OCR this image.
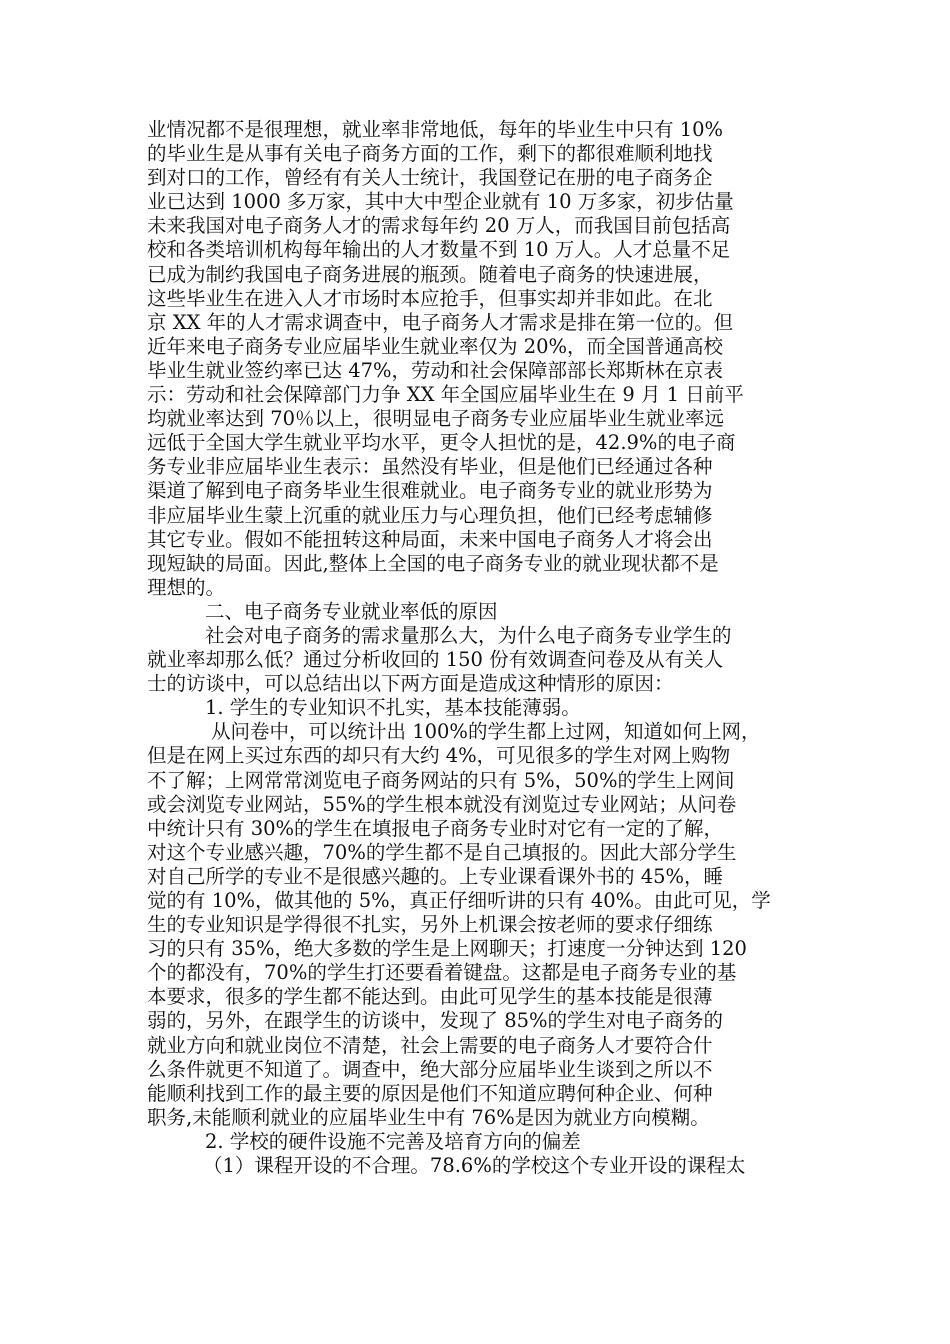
业情况都不是很理想，就业率非常地低，每年的毕业生中只有 10%
的毕业生是从事有关电子商务方面的工作，剩下的都很难顺利地找
到对口的工作，曾经有有关人士统计，我国登记在册的电子商务企
业已达到 1000 多万家，其中大中型企业就有 10 万多家，初步估量
未来我国对电子商务人才的需求每年约 20 万人，而我国目前包括高
校和各类培训机构每年输出的人才数量不到 10 万人。人才总量不足
已成为制约我国电子商务进展的瓶颈。随着电子商务的快速进展，
这些毕业生在进入人才市场时本应抢手，但事实却并非如此。在北
京 XX 年的人才需求调查中，电子商务人才需求是排在第一位的。但
近年来电子商务专业应届毕业生就业率仅为 20%，而全国普通高校
毕业生就业签约率已达 47%，劳动和社会保障部部长郑斯林在京表
示：劳动和社会保障部门力争 XX 年全国应届毕业生在 9 月 1 日前平
均就业率达到 70％以上，很明显电子商务专业应届毕业生就业率远
远低于全国大学生就业平均水平，更令人担忧的是，42.9%的电子商
务专业非应届毕业生表示：虽然没有毕业，但是他们已经通过各种
渠道了解到电子商务毕业生很难就业。电子商务专业的就业形势为
非应届毕业生蒙上沉重的就业压力与心理负担，他们已经考虑辅修
其它专业。假如不能扭转这种局面，未来中国电子商务人才将会出
现短缺的局面。因此,整体上全国的电子商务专业的就业现状都不是
理想的。
二、电子商务专业就业率低的原因
社会对电子商务的需求量那么大，为什么电子商务专业学生的
就业率却那么低？通过分析收回的 150 份有效调查问卷及从有关人
士的访谈中，可以总结出以下两方面是造成这种情形的原因：
1. 学生的专业知识不扎实，基本技能薄弱。
从问卷中，可以统计出 100%的学生都上过网，知道如何上网，
但是在网上买过东西的却只有大约 4%，可见很多的学生对网上购物
不了解；上网常常浏览电子商务网站的只有 5%，50%的学生上网间
或会浏览专业网站，55%的学生根本就没有浏览过专业网站；从问卷
中统计只有 30%的学生在填报电子商务专业时对它有一定的了解，
对这个专业感兴趣，70%的学生都不是自己填报的。因此大部分学生
对自己所学的专业不是很感兴趣的。上专业课看课外书的 45%，睡
觉的有 10%，做其他的 5%，真正仔细听讲的只有 40%。由此可见，学
生的专业知识是学得很不扎实，另外上机课会按老师的要求仔细练
习的只有 35%，绝大多数的学生是上网聊天；打速度一分钟达到 120
个的都没有，70%的学生打还要看着键盘。这都是电子商务专业的基
本要求，很多的学生都不能达到。由此可见学生的基本技能是很薄
弱的，另外，在跟学生的访谈中，发现了 85%的学生对电子商务的
就业方向和就业岗位不清楚，社会上需要的电子商务人才要符合什
么条件就更不知道了。调查中，绝大部分应届毕业生谈到之所以不
能顺利找到工作的最主要的原因是他们不知道应聘何种企业、何种
职务,未能顺利就业的应届毕业生中有 76%是因为就业方向模糊。
2. 学校的硬件设施不完善及培育方向的偏差
（1）课程开设的不合理。78.6%的学校这个专业开设的课程太
